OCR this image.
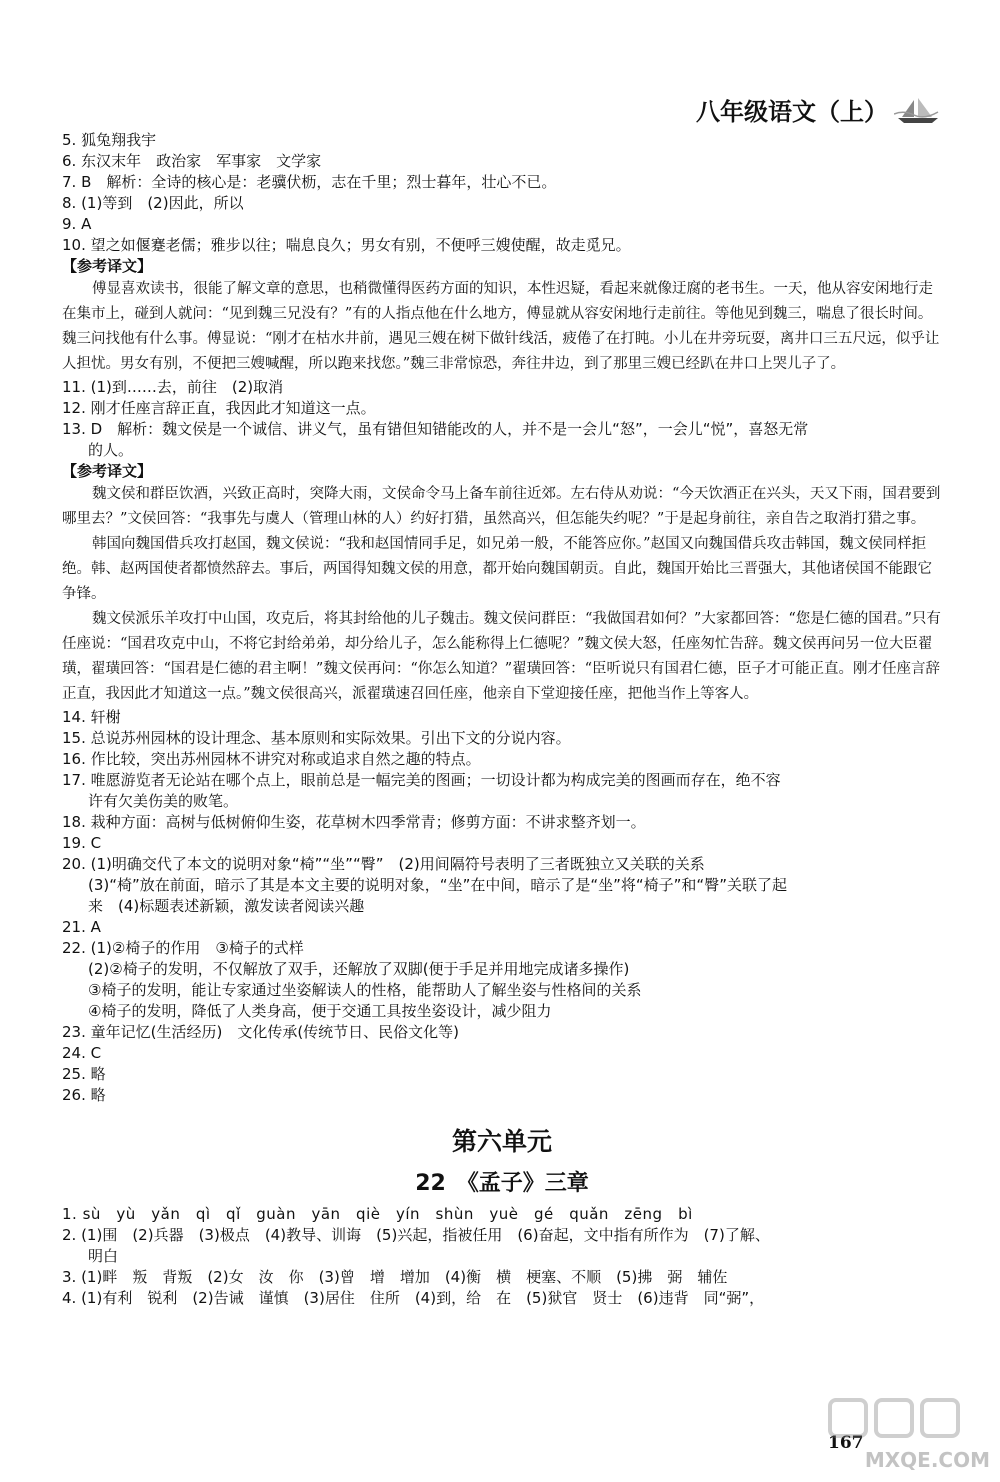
八年级语文（上）
5. 狐兔翔我宇
6. 东汉末年　政治家　军事家　文学家
7. B　解析：全诗的核心是：老骥伏枥，志在千里；烈士暮年，壮心不已。
8. (1)等到　(2)因此，所以
9. A
10. 望之如偃蹇老儒；雅步以往；喘息良久；男女有别，不便呼三嫂使醒，故走觅兄。
【参考译文】

傅显喜欢读书，很能了解文章的意思，也稍微懂得医药方面的知识，本性迟疑，看起来就像迂腐的老书生。一天，他从容安闲地行走在集市上，碰到人就问：“见到魏三兄没有？”有的人指点他在什么地方，傅显就从容安闲地行走前往。等他见到魏三，喘息了很长时间。魏三问找他有什么事。傅显说：“刚才在枯水井前，遇见三嫂在树下做针线活，疲倦了在打盹。小儿在井旁玩耍，离井口三五尺远，似乎让人担忧。男女有别，不便把三嫂喊醒，所以跑来找您。”魏三非常惊恐，奔往井边，到了那里三嫂已经趴在井口上哭儿子了。

11. (1)到……去，前往　(2)取消
12. 刚才任座言辞正直，我因此才知道这一点。
13. D　解析：魏文侯是一个诚信、讲义气，虽有错但知错能改的人，并不是一会儿“怒”，一会儿“悦”，喜怒无常
的人。
【参考译文】

魏文侯和群臣饮酒，兴致正高时，突降大雨，文侯命令马上备车前往近郊。左右侍从劝说：“今天饮酒正在兴头，天又下雨，国君要到哪里去？”文侯回答：“我事先与虞人（管理山林的人）约好打猎，虽然高兴，但怎能失约呢？”于是起身前往，亲自告之取消打猎之事。

韩国向魏国借兵攻打赵国，魏文侯说：“我和赵国情同手足，如兄弟一般，不能答应你。”赵国又向魏国借兵攻击韩国，魏文侯同样拒绝。韩、赵两国使者都愤然辞去。事后，两国得知魏文侯的用意，都开始向魏国朝贡。自此，魏国开始比三晋强大，其他诸侯国不能跟它争锋。

魏文侯派乐羊攻打中山国，攻克后，将其封给他的儿子魏击。魏文侯问群臣：“我做国君如何？”大家都回答：“您是仁德的国君。”只有任座说：“国君攻克中山，不将它封给弟弟，却分给儿子，怎么能称得上仁德呢？”魏文侯大怒，任座匆忙告辞。魏文侯再问另一位大臣翟璜，翟璜回答：“国君是仁德的君主啊！”魏文侯再问：“你怎么知道？”翟璜回答：“臣听说只有国君仁德，臣子才可能正直。刚才任座言辞正直，我因此才知道这一点。”魏文侯很高兴，派翟璜速召回任座，他亲自下堂迎接任座，把他当作上等客人。

14. 轩榭
15. 总说苏州园林的设计理念、基本原则和实际效果。引出下文的分说内容。
16. 作比较，突出苏州园林不讲究对称或追求自然之趣的特点。
17. 唯愿游览者无论站在哪个点上，眼前总是一幅完美的图画；一切设计都为构成完美的图画而存在，绝不容
许有欠美伤美的败笔。
18. 栽种方面：高树与低树俯仰生姿，花草树木四季常青；修剪方面：不讲求整齐划一。
19. C
20. (1)明确交代了本文的说明对象“椅”“坐”“臀”　(2)用间隔符号表明了三者既独立又关联的关系
(3)“椅”放在前面，暗示了其是本文主要的说明对象，“坐”在中间，暗示了是“坐”将“椅子”和“臀”关联了起
来　(4)标题表述新颖，激发读者阅读兴趣
21. A
22. (1)②椅子的作用　③椅子的式样
(2)②椅子的发明，不仅解放了双手，还解放了双脚(便于手足并用地完成诸多操作)
③椅子的发明，能让专家通过坐姿解读人的性格，能帮助人了解坐姿与性格间的关系
④椅子的发明，降低了人类身高，便于交通工具按坐姿设计，减少阻力
23. 童年记忆(生活经历)　文化传承(传统节日、民俗文化等)
24. C
25. 略
26. 略
第六单元
22　《孟子》三章
1. sù　yù　yǎn　qì　qǐ　guàn　yān　qiè　yín　shùn　yuè　gé　quǎn　zēng　bì
2. (1)围　(2)兵器　(3)极点　(4)教导、训诲　(5)兴起，指被任用　(6)奋起，文中指有所作为　(7)了解、
明白
3. (1)畔　叛　背叛　(2)女　汝　你　(3)曾　增　增加　(4)衡　横　梗塞、不顺　(5)拂　弼　辅佐
4. (1)有利　锐利　(2)告诫　谨慎　(3)居住　住所　(4)到，给　在　(5)狱官　贤士　(6)违背　同“弼”，
167
MXQE.COM
